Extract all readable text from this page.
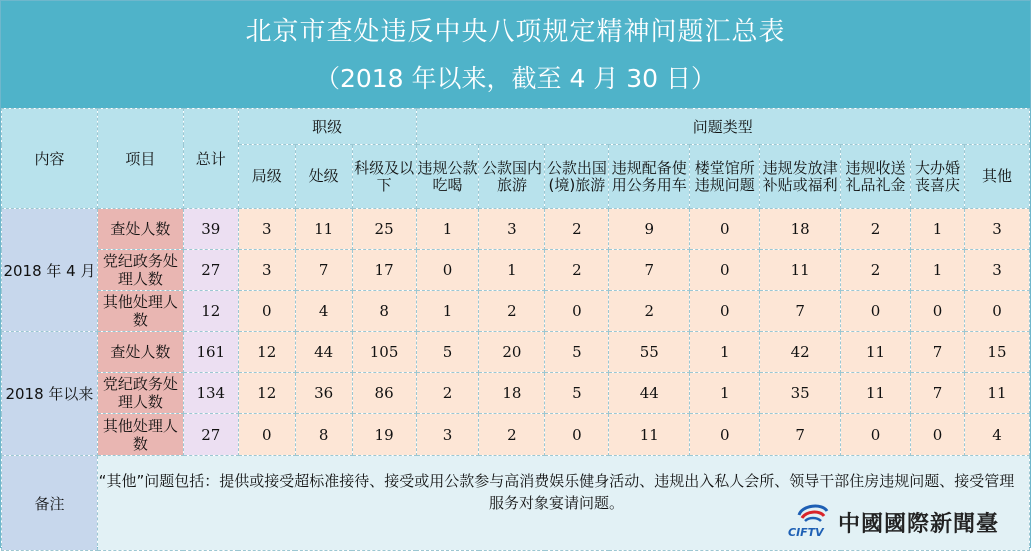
北京市查处违反中央八项规定精神问题汇总表
（2018 年以来，截至 4 月 30 日）
内容	项目	总计	职级			问题类型								
			局级	处级	科级及以下	违规公款吃喝	公款国内旅游	公款出国(境)旅游	违规配备使用公务用车	楼堂馆所违规问题	违规发放津补贴或福利	违规收送礼品礼金	大办婚丧喜庆	其他
2018 年 4 月	查处人数	39	3	11	25	1	3	2	9	0	18	2	1	3
	党纪政务处理人数	27	3	7	17	0	1	2	7	0	11	2	1	3
	其他处理人数	12	0	4	8	1	2	0	2	0	7	0	0	0
2018 年以来	查处人数	161	12	44	105	5	20	5	55	1	42	11	7	15
	党纪政务处理人数	134	12	36	86	2	18	5	44	1	35	11	7	11
	其他处理人数	27	0	8	19	3	2	0	11	0	7	0	0	4
备注	“其他”问题包括：提供或接受超标准接待、接受或用公款参与高消费娱乐健身活动、违规出入私人会所、领导干部住房违规问题、接受管理服务对象宴请问题。													
CIFTV 中國國際新聞臺
